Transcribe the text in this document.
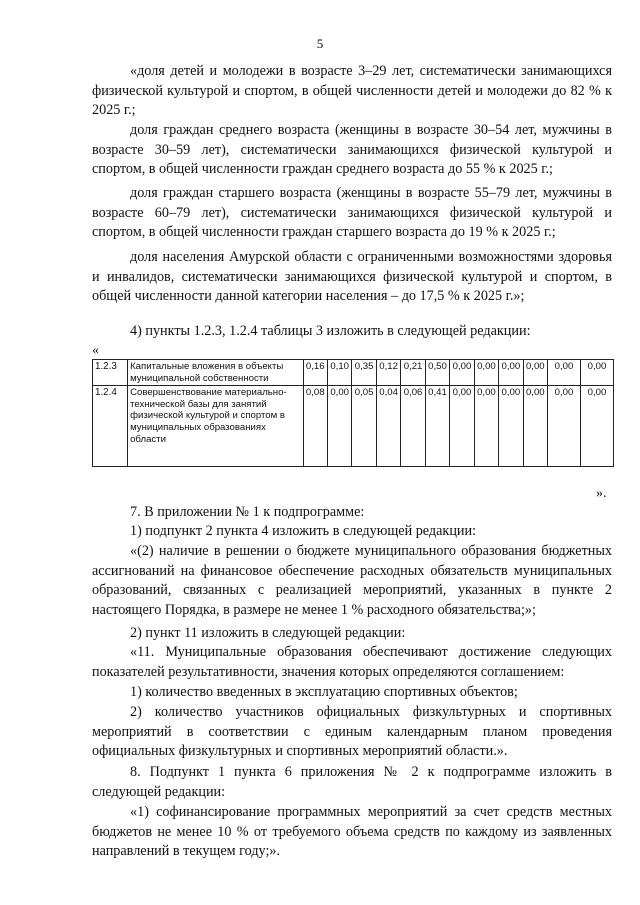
5

«доля детей и молодежи в возрасте 3–29 лет, систематически занимающихся физической культурой и спортом, в общей численности детей и молодежи до 82 % к 2025 г.;

доля граждан среднего возраста (женщины в возрасте 30–54 лет, мужчины в возрасте 30–59 лет), систематически занимающихся физической культурой и спортом, в общей численности граждан среднего возраста до 55 % к 2025 г.;

доля граждан старшего возраста (женщины в возрасте 55–79 лет, мужчины в возрасте 60–79 лет), систематически занимающихся физической культурой и спортом, в общей численности граждан старшего возраста до 19 % к 2025 г.;

доля населения Амурской области с ограниченными возможностями здоровья и инвалидов, систематически занимающихся физической культурой и спортом, в общей численности данной категории населения – до 17,5 % к 2025 г.»;

4) пункты 1.2.3, 1.2.4 таблицы 3 изложить в следующей редакции:

«
1.2.3	Капитальные вложения в объекты муниципальной собственности	0,16	0,10	0,35	0,12	0,21	0,50	0,00	0,00	0,00	0,00	0,00	0,00
1.2.4	Совершенствование материально-технической базы для занятий физической культурой и спортом в муниципальных образованиях области	0,08	0,00	0,05	0,04	0,06	0,41	0,00	0,00	0,00	0,00	0,00	0,00
».

7. В приложении № 1 к подпрограмме:

1) подпункт 2 пункта 4 изложить в следующей редакции:

«(2) наличие в решении о бюджете муниципального образования бюджетных ассигнований на финансовое обеспечение расходных обязательств муниципальных образований, связанных с реализацией мероприятий, указанных в пункте 2 настоящего Порядка, в размере не менее 1 % расходного обязательства;»;

2) пункт 11 изложить в следующей редакции:

«11. Муниципальные образования обеспечивают достижение следующих показателей результативности, значения которых определяются соглашением:

1) количество введенных в эксплуатацию спортивных объектов;

2) количество участников официальных физкультурных и спортивных мероприятий в соответствии с единым календарным планом проведения официальных физкультурных и спортивных мероприятий области.».

8. Подпункт 1 пункта 6 приложения № 2 к подпрограмме изложить в следующей редакции:

«1) софинансирование программных мероприятий за счет средств местных бюджетов не менее 10 % от требуемого объема средств по каждому из заявленных направлений в текущем году;».
